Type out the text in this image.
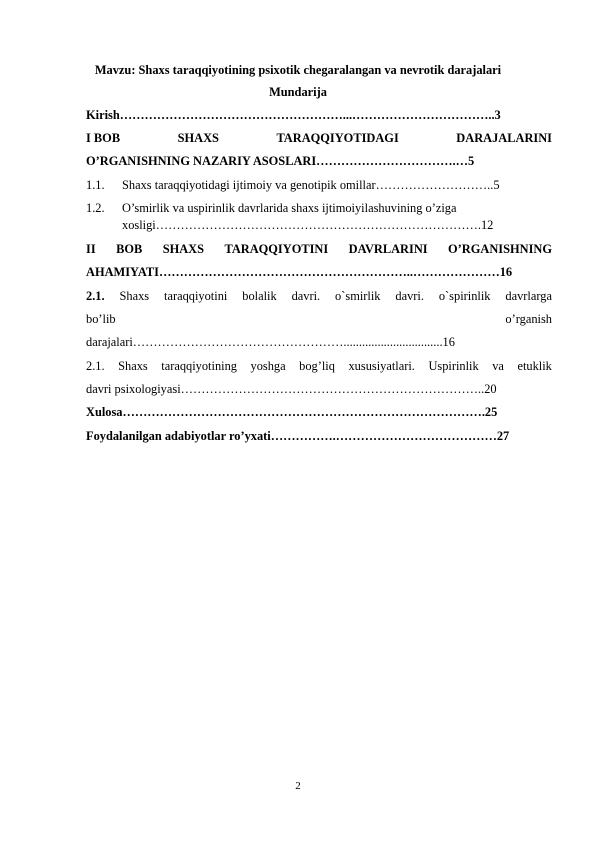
Mavzu: Shaxs taraqqiyotining psixotik chegaralangan va nevrotik darajalari
Mundarija
Kirish………………………………………………...……………………………..3
I BOB	SHAXS	TARAQQIYOTIDAGI	DARAJALARINI
O’RGANISHNING NAZARIY ASOSLARI…………………………….…5
1.1. Shaxs taraqqiyotidagi ijtimoiy va genotipik omillar………………………..5
1.2. O’smirlik va uspirinlik davrlarida shaxs ijtimoiyilashuvining o’ziga
xosligi…………………………………………………………………….12
II BOB SHAXS TARAQQIYOTINI DAVRLARINI O’RGANISHNING
AHAMIYATI……………………………………………………..…………………16
2.1. Shaxs taraqqiyotini bolalik davri. o`smirlik davri. o`spirinlik davrlarga
bo’lib	o’rganish
darajalari……………………………………………................................16
2.1. Shaxs taraqqiyotining yoshga bog’liq xususiyatlari. Uspirinlik va etuklik
davri psixologiyasi………………………………………………………………..20
Xulosa…………………………………………………………………………….25
Foydalanilgan adabiyotlar ro’yxati…………….…………………………………27
2
